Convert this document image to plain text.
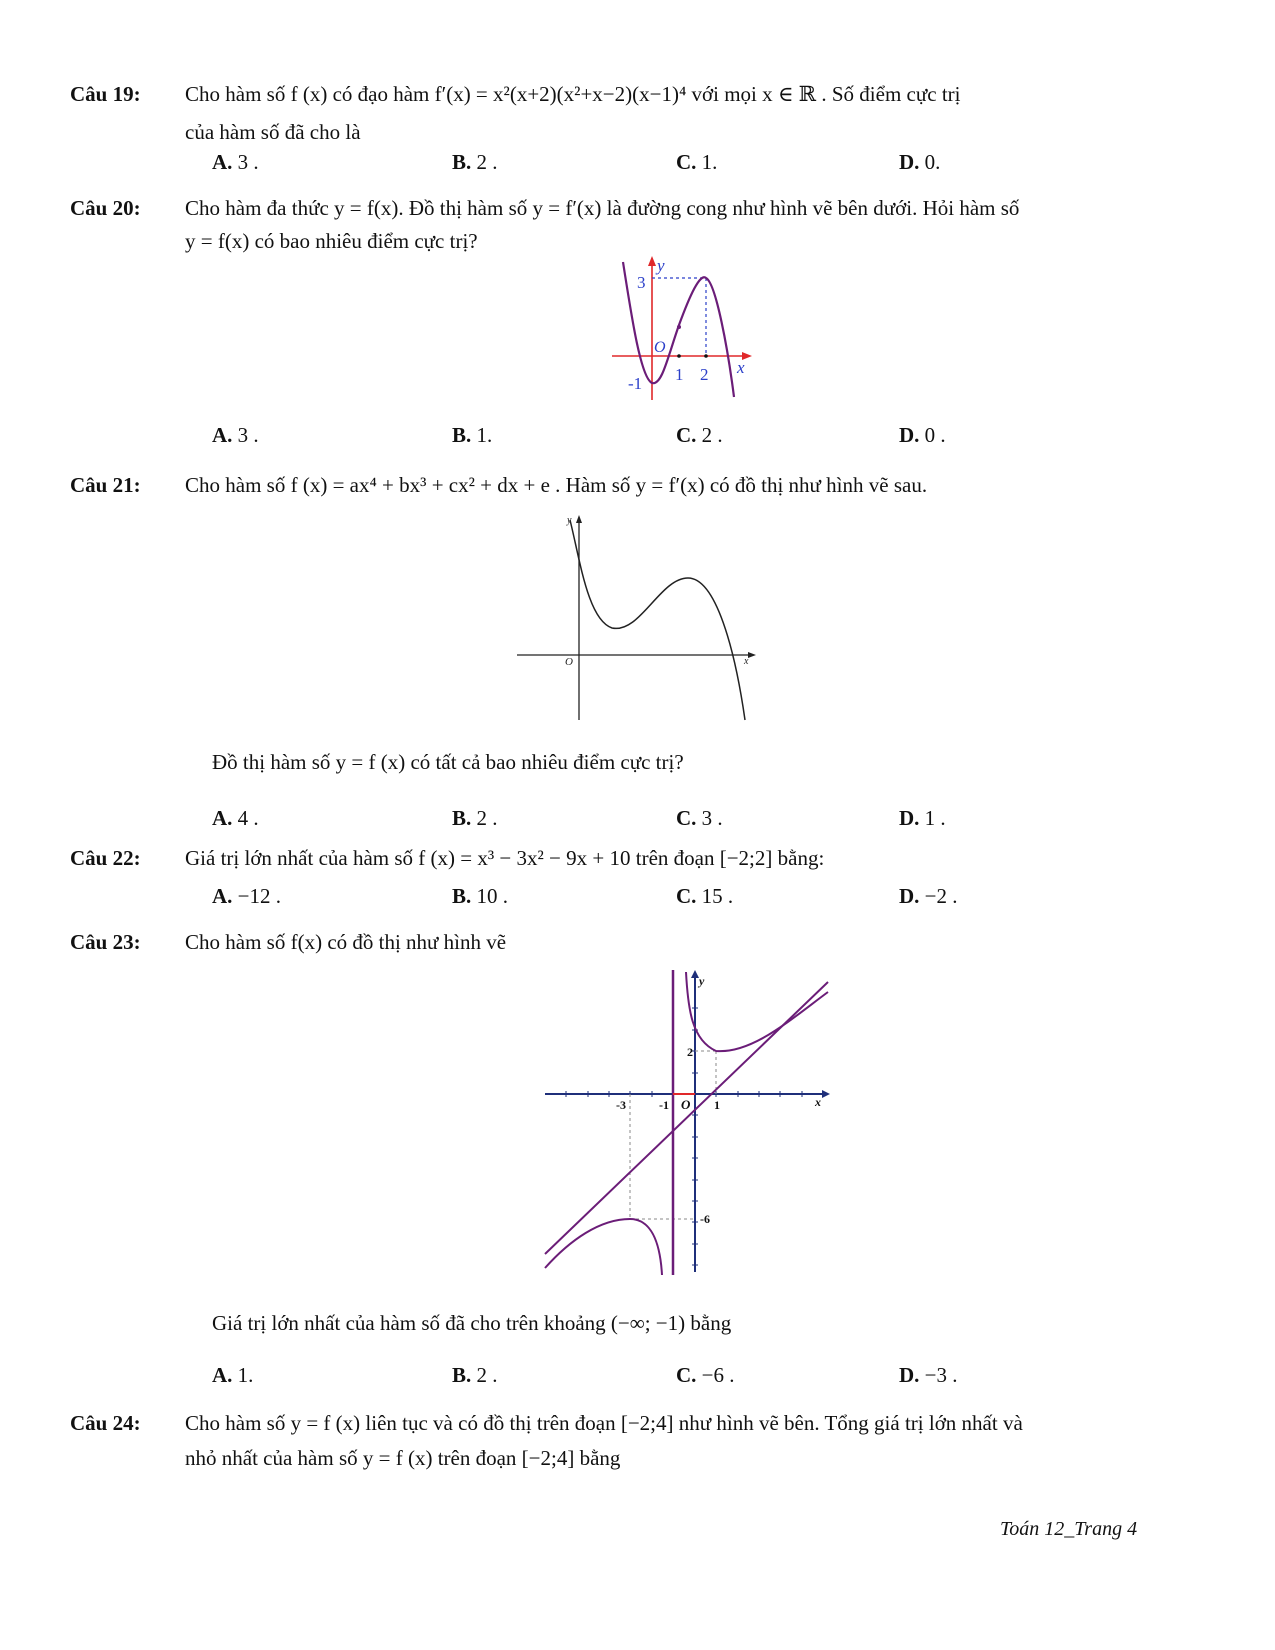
Câu 19: Cho hàm số f (x) có đạo hàm f′(x) = x²(x+2)(x²+x−2)(x−1)⁴ với mọi x ∈ ℝ . Số điểm cực trị
của hàm số đã cho là
A. 3 .	B. 2 .	C. 1.	D. 0.
Câu 20: Cho hàm đa thức y = f(x). Đồ thị hàm số y = f′(x) là đường cong như hình vẽ bên dưới. Hỏi hàm số
y = f(x) có bao nhiêu điểm cực trị?
y
3
O
-1 1 2 x
A. 3 .	B. 1.	C. 2 .	D. 0 .
Câu 21: Cho hàm số f (x) = ax⁴ + bx³ + cx² + dx + e . Hàm số y = f′(x) có đồ thị như hình vẽ sau.
y
O	x
Đồ thị hàm số y = f (x) có tất cả bao nhiêu điểm cực trị?
A. 4 .	B. 2 .	C. 3 .	D. 1 .
Câu 22: Giá trị lớn nhất của hàm số f (x) = x³ − 3x² − 9x + 10 trên đoạn [−2;2] bằng:
A. −12 .	B. 10 .	C. 15 .	D. −2 .
Câu 23: Cho hàm số f(x) có đồ thị như hình vẽ
y
2
-3	-1 O 1	x
-6
Giá trị lớn nhất của hàm số đã cho trên khoảng (−∞; −1) bằng
A. 1.	B. 2 .	C. −6 .	D. −3 .
Câu 24: Cho hàm số y = f (x) liên tục và có đồ thị trên đoạn [−2;4] như hình vẽ bên. Tổng giá trị lớn nhất và
nhỏ nhất của hàm số y = f (x) trên đoạn [−2;4] bằng
Toán 12_Trang 4
